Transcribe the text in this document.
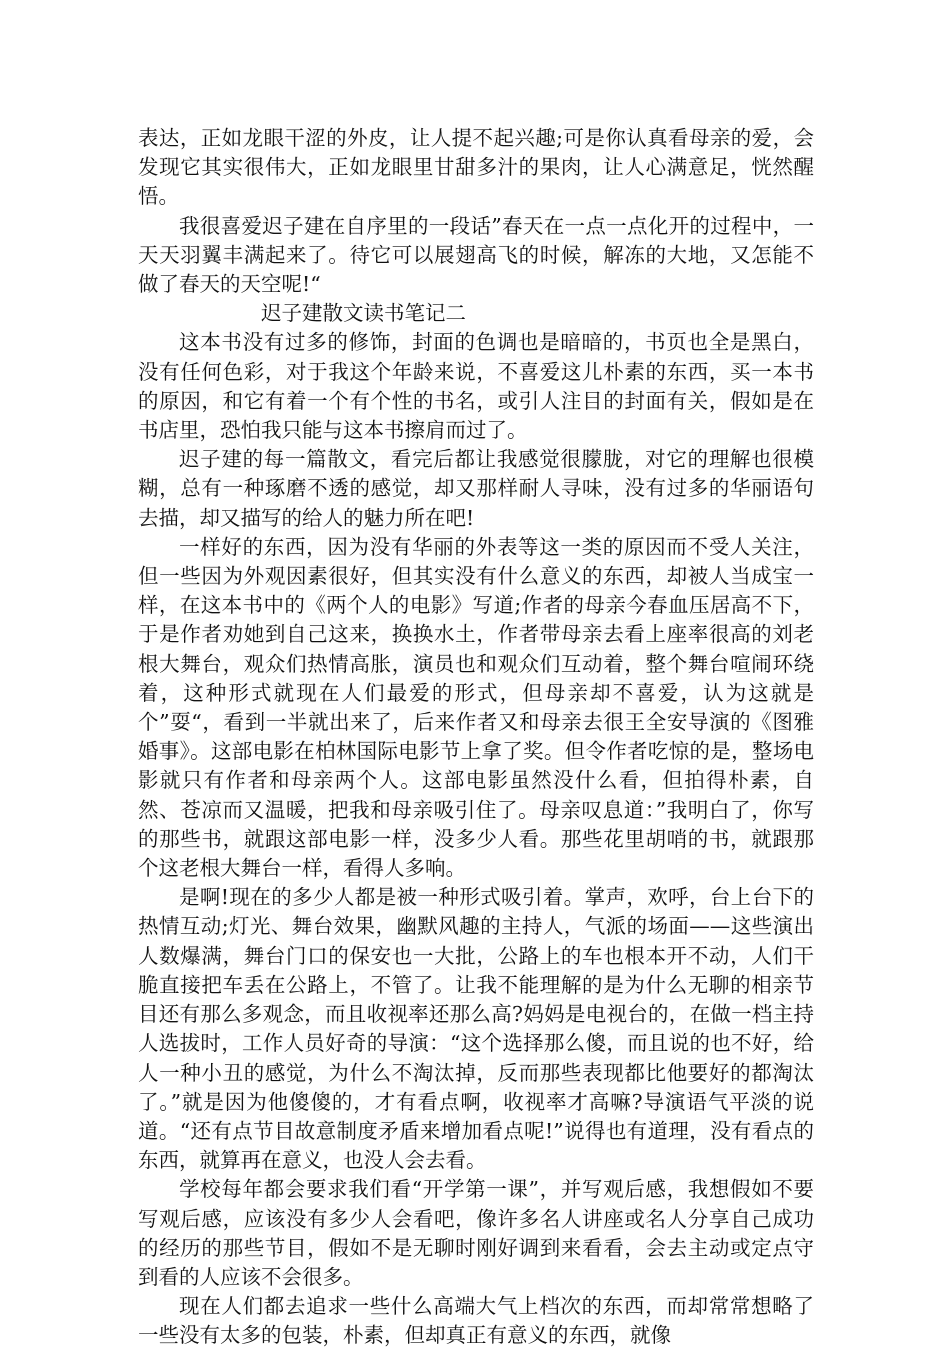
表达，正如龙眼干涩的外皮，让人提不起兴趣;可是你认真看母亲的爱，会发现它其实很伟大，正如龙眼里甘甜多汁的果肉，让人心满意足，恍然醒悟。

我很喜爱迟子建在自序里的一段话”春天在一点一点化开的过程中，一天天羽翼丰满起来了。待它可以展翅高飞的时候，解冻的大地，又怎能不做了春天的天空呢!“

迟子建散文读书笔记二

这本书没有过多的修饰，封面的色调也是暗暗的，书页也全是黑白，没有任何色彩，对于我这个年龄来说，不喜爱这儿朴素的东西，买一本书的原因，和它有着一个有个性的书名，或引人注目的封面有关，假如是在书店里，恐怕我只能与这本书擦肩而过了。

迟子建的每一篇散文，看完后都让我感觉很朦胧，对它的理解也很模糊，总有一种琢磨不透的感觉，却又那样耐人寻味，没有过多的华丽语句去描，却又描写的给人的魅力所在吧!

一样好的东西，因为没有华丽的外表等这一类的原因而不受人关注，但一些因为外观因素很好，但其实没有什么意义的东西，却被人当成宝一样，在这本书中的《两个人的电影》写道;作者的母亲今春血压居高不下，于是作者劝她到自己这来，换换水土，作者带母亲去看上座率很高的刘老根大舞台，观众们热情高胀，演员也和观众们互动着，整个舞台喧闹环绕着，这种形式就现在人们最爱的形式，但母亲却不喜爱，认为这就是个”耍“，看到一半就出来了，后来作者又和母亲去很王全安导演的《图雅婚事》。这部电影在柏林国际电影节上拿了奖。但令作者吃惊的是，整场电影就只有作者和母亲两个人。这部电影虽然没什么看，但拍得朴素，自然、苍凉而又温暖，把我和母亲吸引住了。母亲叹息道：”我明白了，你写的那些书，就跟这部电影一样，没多少人看。那些花里胡哨的书，就跟那个这老根大舞台一样，看得人多响。

是啊!现在的多少人都是被一种形式吸引着。掌声，欢呼，台上台下的热情互动;灯光、舞台效果，幽默风趣的主持人，气派的场面——这些演出人数爆满，舞台门口的保安也一大批，公路上的车也根本开不动，人们干脆直接把车丢在公路上，不管了。让我不能理解的是为什么无聊的相亲节目还有那么多观念，而且收视率还那么高?妈妈是电视台的，在做一档主持人选拔时，工作人员好奇的导演：“这个选择那么傻，而且说的也不好，给人一种小丑的感觉，为什么不淘汰掉，反而那些表现都比他要好的都淘汰了。”就是因为他傻傻的，才有看点啊，收视率才高嘛?导演语气平淡的说道。“还有点节目故意制度矛盾来增加看点呢!”说得也有道理，没有看点的东西，就算再在意义，也没人会去看。

学校每年都会要求我们看“开学第一课”，并写观后感，我想假如不要写观后感，应该没有多少人会看吧，像许多名人讲座或名人分享自己成功的经历的那些节目，假如不是无聊时刚好调到来看看，会去主动或定点守到看的人应该不会很多。

现在人们都去追求一些什么高端大气上档次的东西，而却常常想略了一些没有太多的包装，朴素，但却真正有意义的东西，就像
